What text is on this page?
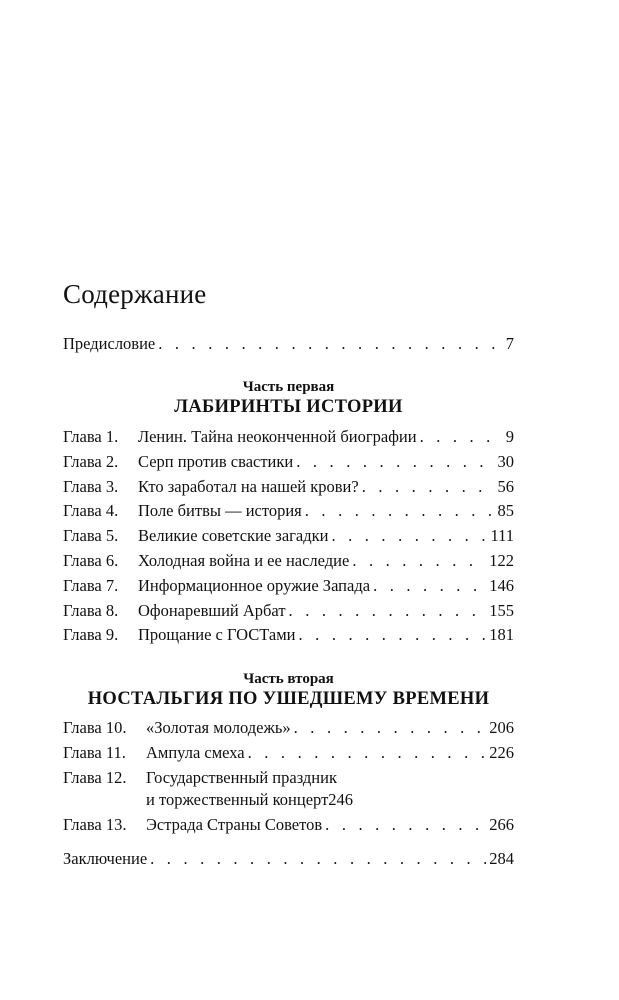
Содержание
Предисловие . . .	7
Часть первая
ЛАБИРИНТЫ ИСТОРИИ
Глава 1.	Ленин. Тайна неоконченной биографии . . .	9
Глава 2.	Серп против свастики . . .	30
Глава 3.	Кто заработал на нашей крови? . . .	56
Глава 4.	Поле битвы — история . . .	85
Глава 5.	Великие советские загадки . . .	111
Глава 6.	Холодная война и ее наследие . . .	122
Глава 7.	Информационное оружие Запада . . .	146
Глава 8.	Офонаревший Арбат . . .	155
Глава 9.	Прощание с ГОСТами . . .	181
Часть вторая
НОСТАЛЬГИЯ ПО УШЕДШЕМУ ВРЕМЕНИ
Глава 10.	«Золотая молодежь» . . .	206
Глава 11.	Ампула смеха . . .	226
Глава 12. Государственный праздник
и торжественный концерт 246
Глава 13.	Эстрада Страны Советов . . .	266
Заключение . . .	284
